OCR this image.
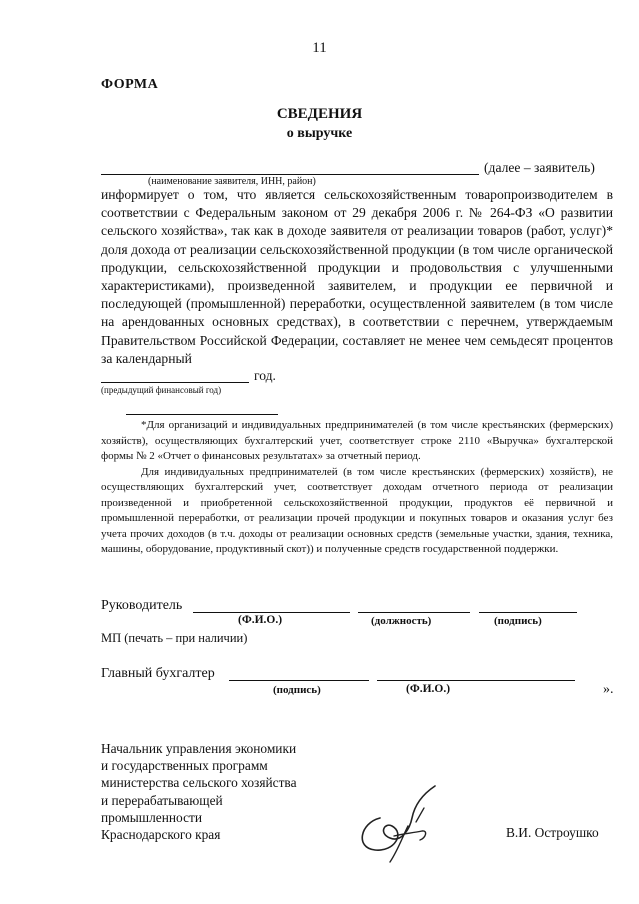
11
ФОРМА
СВЕДЕНИЯ
о выручке
(далее – заявитель)
(наименование заявителя, ИНН, район)
информирует о том, что является сельскохозяйственным товаропроизводителем в соответствии с Федеральным законом от 29 декабря 2006 г. № 264-ФЗ «О развитии сельского хозяйства», так как в доходе заявителя от реализации товаров (работ, услуг)* доля дохода от реализации сельскохозяйственной продукции (в том числе органической продукции, сельскохозяйственной продукции и продовольствия с улучшенными характеристиками), произведенной заявителем, и продукции ее первичной и последующей (промышленной) переработки, осуществленной заявителем (в том числе на арендованных основных средствах), в соответствии с перечнем, утверждаемым Правительством Российской Федерации, составляет не менее чем семьдесят процентов за календарный
год.
(предыдущий финансовый год)

*Для организаций и индивидуальных предпринимателей (в том числе крестьянских (фермерских) хозяйств), осуществляющих бухгалтерский учет, соответствует строке 2110 «Выручка» бухгалтерской формы № 2 «Отчет о финансовых результатах» за отчетный период.

Для индивидуальных предпринимателей (в том числе крестьянских (фермерских) хозяйств), не осуществляющих бухгалтерский учет, соответствует доходам отчетного периода от реализации произведенной и приобретенной сельскохозяйственной продукции, продуктов её первичной и промышленной переработки, от реализации прочей продукции и покупных товаров и оказания услуг без учета прочих доходов (в т.ч. доходы от реализации основных средств (земельные участки, здания, техника, машины, оборудование, продуктивный скот)) и полученные средств государственной поддержки.

Руководитель
(Ф.И.О.)	(должность)	(подпись)
МП (печать – при наличии)
Главный бухгалтер
(подпись)	(Ф.И.О.)	».
Начальник управления экономики
и государственных программ
министерства сельского хозяйства
и перерабатывающей
промышленности
Краснодарского края	В.И. Остроушко
